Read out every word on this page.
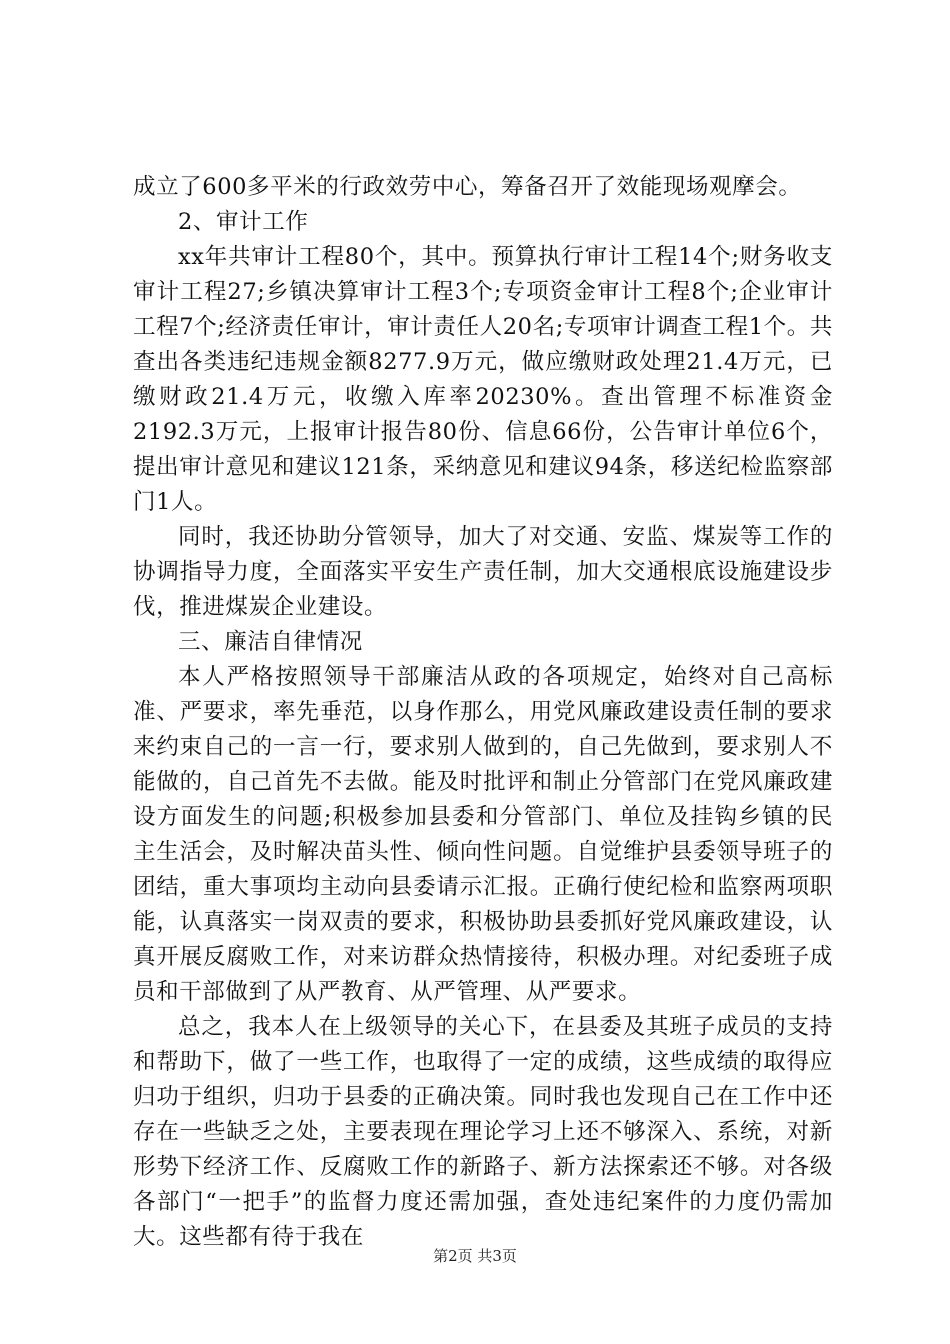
成立了600多平米的行政效劳中心，筹备召开了效能现场观摩会。

2、审计工作

xx年共审计工程80个，其中。预算执行审计工程14个;财务收支审计工程27;乡镇决算审计工程3个;专项资金审计工程8个;企业审计工程7个;经济责任审计，审计责任人20名;专项审计调查工程1个。共查出各类违纪违规金额8277.9万元，做应缴财政处理21.4万元，已缴财政21.4万元，收缴入库率20230%。查出管理不标准资金2192.3万元，上报审计报告80份、信息66份，公告审计单位6个，提出审计意见和建议121条，采纳意见和建议94条，移送纪检监察部门1人。

同时，我还协助分管领导，加大了对交通、安监、煤炭等工作的协调指导力度，全面落实平安生产责任制，加大交通根底设施建设步伐，推进煤炭企业建设。

三、廉洁自律情况

本人严格按照领导干部廉洁从政的各项规定，始终对自己高标准、严要求，率先垂范，以身作那么，用党风廉政建设责任制的要求来约束自己的一言一行，要求别人做到的，自己先做到，要求别人不能做的，自己首先不去做。能及时批评和制止分管部门在党风廉政建设方面发生的问题;积极参加县委和分管部门、单位及挂钩乡镇的民主生活会，及时解决苗头性、倾向性问题。自觉维护县委领导班子的团结，重大事项均主动向县委请示汇报。正确行使纪检和监察两项职能，认真落实一岗双责的要求，积极协助县委抓好党风廉政建设，认真开展反腐败工作，对来访群众热情接待，积极办理。对纪委班子成员和干部做到了从严教育、从严管理、从严要求。

总之，我本人在上级领导的关心下，在县委及其班子成员的支持和帮助下，做了一些工作，也取得了一定的成绩，这些成绩的取得应归功于组织，归功于县委的正确决策。同时我也发现自己在工作中还存在一些缺乏之处，主要表现在理论学习上还不够深入、系统，对新形势下经济工作、反腐败工作的新路子、新方法探索还不够。对各级各部门“一把手”的监督力度还需加强，查处违纪案件的力度仍需加大。这些都有待于我在

第2页 共3页
